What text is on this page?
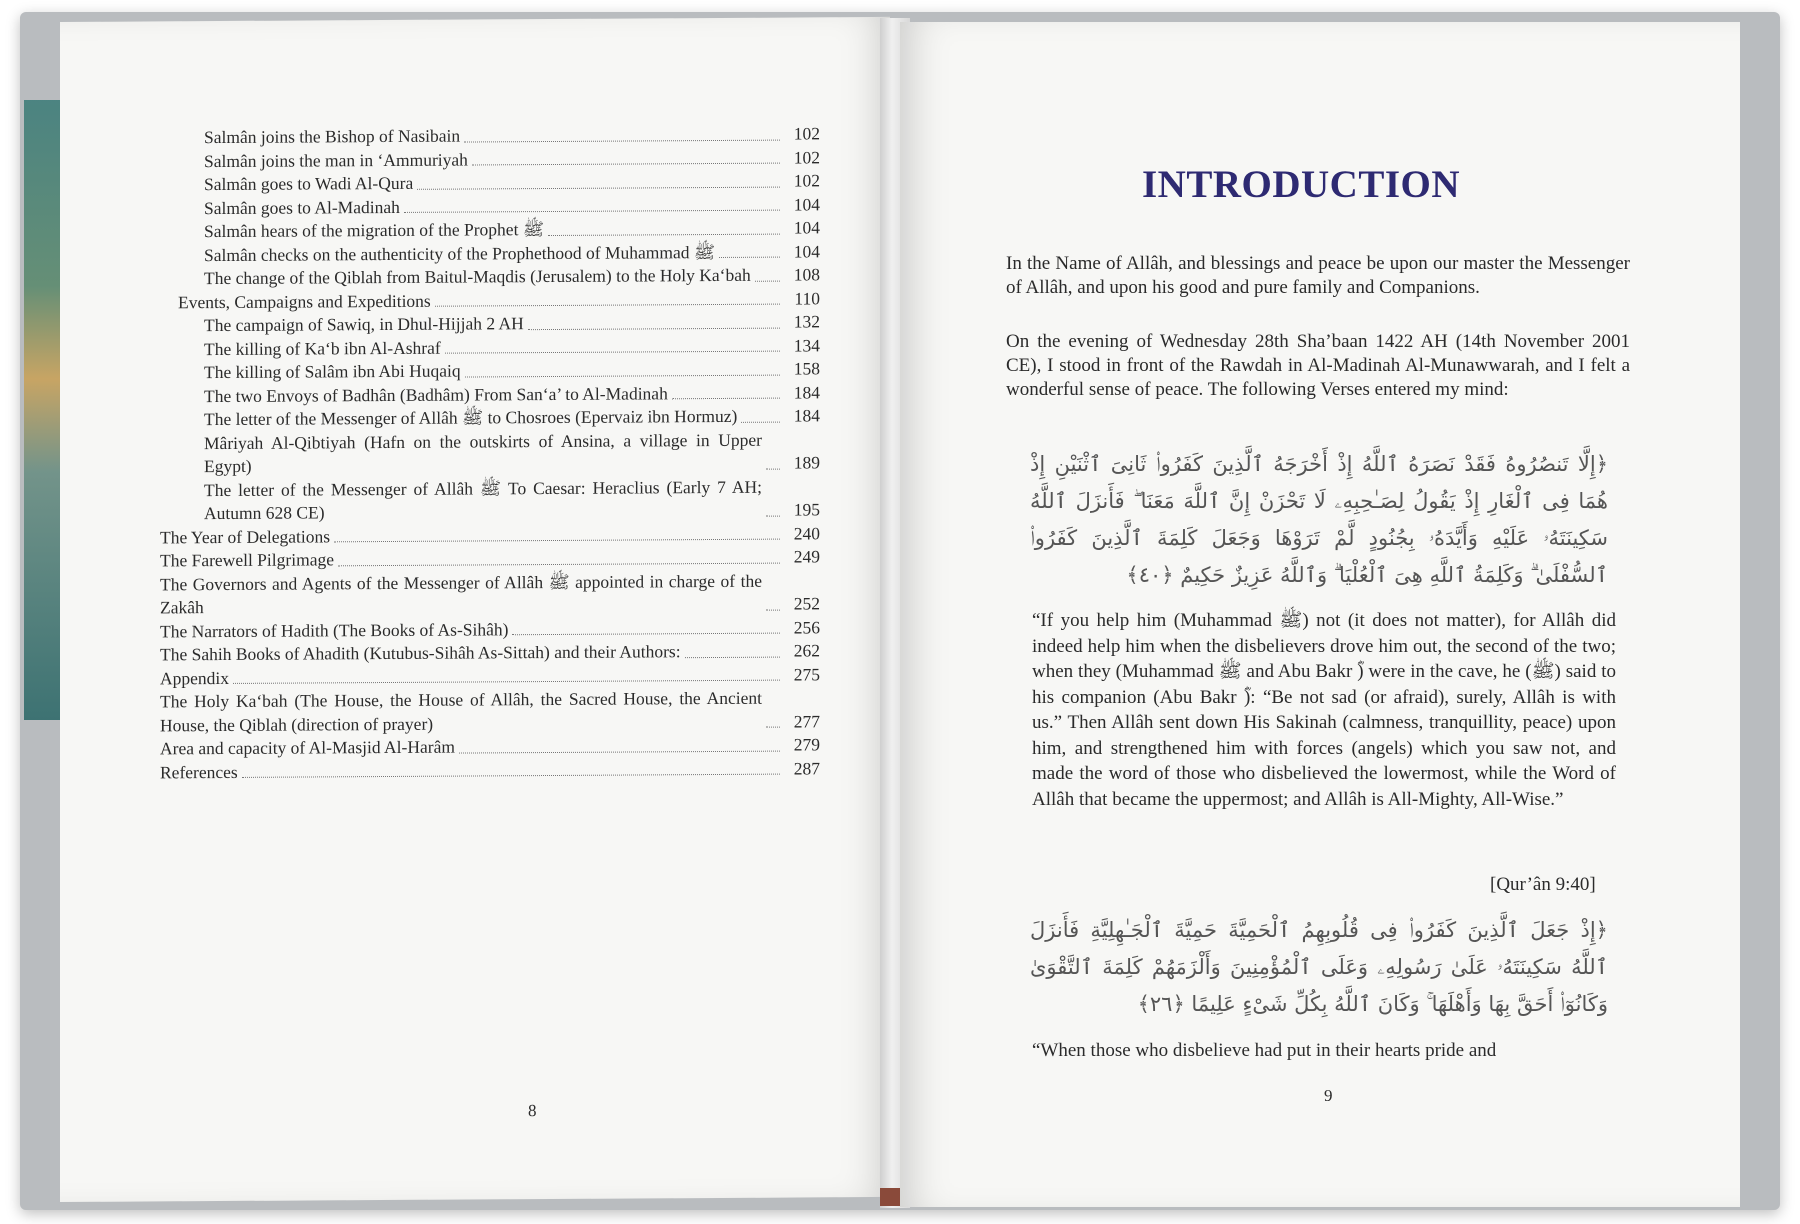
Salmân joins the Bishop of Nasibain	102
Salmân joins the man in ‘Ammuriyah	102
Salmân goes to Wadi Al-Qura	102
Salmân goes to Al-Madinah	104
Salmân hears of the migration of the Prophet ﷺ	104
Salmân checks on the authenticity of the Prophethood of Muhammad ﷺ	104
The change of the Qiblah from Baitul-Maqdis (Jerusalem) to the Holy Ka‘bah	108
Events, Campaigns and Expeditions	110
The campaign of Sawiq, in Dhul-Hijjah 2 AH	132
The killing of Ka‘b ibn Al-Ashraf	134
The killing of Salâm ibn Abi Huqaiq	158
The two Envoys of Badhân (Badhâm) From San‘a’ to Al-Madinah	184
The letter of the Messenger of Allâh ﷺ to Chosroes (Epervaiz ibn Hormuz)	184
Mâriyah Al-Qibtiyah (Hafn on the outskirts of Ansina, a village in Upper Egypt)	189
The letter of the Messenger of Allâh ﷺ To Caesar: Heraclius (Early 7 AH; Autumn 628 CE)	195
The Year of Delegations	240
The Farewell Pilgrimage	249
The Governors and Agents of the Messenger of Allâh ﷺ appointed in charge of the Zakâh	252
The Narrators of Hadith (The Books of As-Sihâh)	256
The Sahih Books of Ahadith (Kutubus-Sihâh As-Sittah) and their Authors:	262
Appendix	275
The Holy Ka‘bah (The House, the House of Allâh, the Sacred House, the Ancient House, the Qiblah (direction of prayer)	277
Area and capacity of Al-Masjid Al-Harâm	279
References	287
8
INTRODUCTION
In the Name of Allâh, and blessings and peace be upon our master the Messenger of Allâh, and upon his good and pure family and Companions.
On the evening of Wednesday 28th Sha’baan 1422 AH (14th November 2001 CE), I stood in front of the Rawdah in Al-Madinah Al-Munawwarah, and I felt a wonderful sense of peace. The following Verses entered my mind:
﴿إِلَّا تَنصُرُوهُ فَقَدْ نَصَرَهُ ٱللَّهُ إِذْ أَخْرَجَهُ ٱلَّذِينَ كَفَرُوا۟ ثَانِىَ ٱثْنَيْنِ إِذْ هُمَا فِى ٱلْغَارِ إِذْ يَقُولُ لِصَـٰحِبِهِۦ لَا تَحْزَنْ إِنَّ ٱللَّهَ مَعَنَا ۖ فَأَنزَلَ ٱللَّهُ سَكِينَتَهُۥ عَلَيْهِ وَأَيَّدَهُۥ بِجُنُودٍ لَّمْ تَرَوْهَا وَجَعَلَ كَلِمَةَ ٱلَّذِينَ كَفَرُوا۟ ٱلسُّفْلَىٰ ۗ وَكَلِمَةُ ٱللَّهِ هِىَ ٱلْعُلْيَا ۗ وَٱللَّهُ عَزِيزٌ حَكِيمٌ ﴿٤٠﴾
“If you help him (Muhammad ﷺ) not (it does not matter), for Allâh did indeed help him when the disbelievers drove him out, the second of the two; when they (Muhammad ﷺ and Abu Bakr ؓ) were in the cave, he (ﷺ) said to his companion (Abu Bakr ؓ): “Be not sad (or afraid), surely, Allâh is with us.” Then Allâh sent down His Sakinah (calmness, tranquillity, peace) upon him, and strengthened him with forces (angels) which you saw not, and made the word of those who disbelieved the lowermost, while the Word of Allâh that became the uppermost; and Allâh is All-Mighty, All-Wise.”
[Qur’ân 9:40]
﴿إِذْ جَعَلَ ٱلَّذِينَ كَفَرُوا۟ فِى قُلُوبِهِمُ ٱلْحَمِيَّةَ حَمِيَّةَ ٱلْجَـٰهِلِيَّةِ فَأَنزَلَ ٱللَّهُ سَكِينَتَهُۥ عَلَىٰ رَسُولِهِۦ وَعَلَى ٱلْمُؤْمِنِينَ وَأَلْزَمَهُمْ كَلِمَةَ ٱلتَّقْوَىٰ وَكَانُوٓا۟ أَحَقَّ بِهَا وَأَهْلَهَا ۚ وَكَانَ ٱللَّهُ بِكُلِّ شَىْءٍ عَلِيمًا ﴿٢٦﴾
“When those who disbelieve had put in their hearts pride and
9
